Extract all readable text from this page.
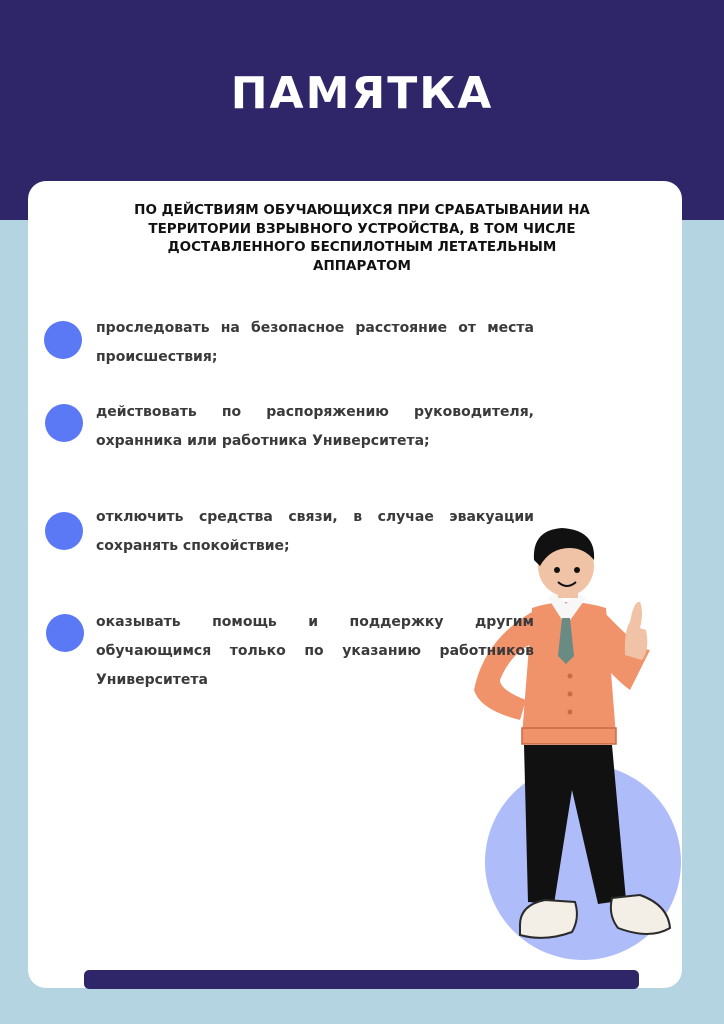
ПАМЯТКА
ПО ДЕЙСТВИЯМ ОБУЧАЮЩИХСЯ ПРИ СРАБАТЫВАНИИ НА
ТЕРРИТОРИИ ВЗРЫВНОГО УСТРОЙСТВА, В ТОМ ЧИСЛЕ
ДОСТАВЛЕННОГО БЕСПИЛОТНЫМ ЛЕТАТЕЛЬНЫМ
АППАРАТОМ
проследовать на безопасное расстояние от места происшествия;
действовать по распоряжению руководителя, охранника или работника Университета;
отключить средства связи, в случае эвакуации сохранять спокойствие;
оказывать помощь и поддержку другим обучающимся только по указанию работников Университета
